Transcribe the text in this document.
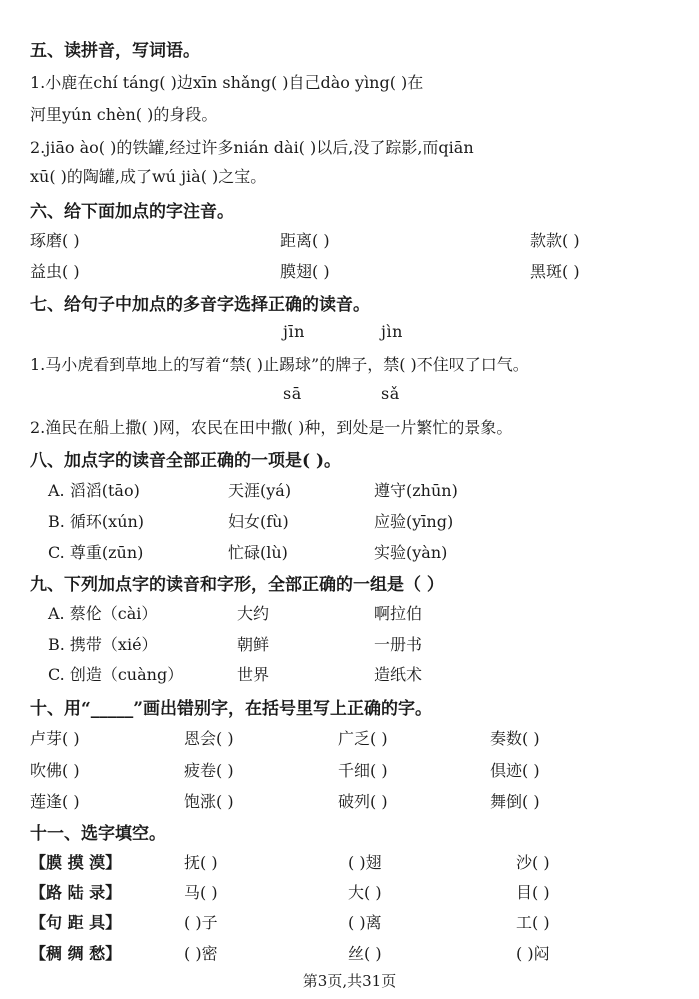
五、读拼音，写词语。
1.小鹿在chí táng( )边xīn shǎng( )自己dào yìng( )在
河里yún chèn( )的身段。
2.jiāo ào( )的铁罐,经过许多nián dài( )以后,没了踪影,而qiān
xū( )的陶罐,成了wú jià( )之宝。
六、给下面加点的字注音。
琢磨( )	距离( )	款款( )
益虫( )	膜翅( )	黑斑( )
七、给句子中加点的多音字选择正确的读音。
jīn	jìn
1.马小虎看到草地上的写着“禁( )止踢球”的牌子，禁( )不住叹了口气。
sā	sǎ
2.渔民在船上撒( )网，农民在田中撒( )种，到处是一片繁忙的景象。
八、加点字的读音全部正确的一项是( )。
A. 滔滔(tāo)	天涯(yá)	遵守(zhūn)
B. 循环(xún)	妇女(fù)	应验(yīng)
C. 尊重(zūn)	忙碌(lù)	实验(yàn)
九、下列加点字的读音和字形，全部正确的一组是（ ）
A. 蔡伦（cài）	大约	啊拉伯
B. 携带（xié）	朝鲜	一册书
C. 创造（cuàng）	世界	造纸术
十、用“_____”画出错别字，在括号里写上正确的字。
卢芽( )	恩会( )	广乏( )	奏数( )
吹佛( )	疲卷( )	千细( )	倶迹( )
莲逢( )	饱涨( )	破列( )	舞倒( )
十一、选字填空。
【膜 摸 漠】	抚( )	( )翅	沙( )
【路 陆 录】	马( )	大( )	目( )
【句 距 具】	( )子	( )离	工( )
【稠 绸 愁】	( )密	丝( )	( )闷
第3页,共31页
